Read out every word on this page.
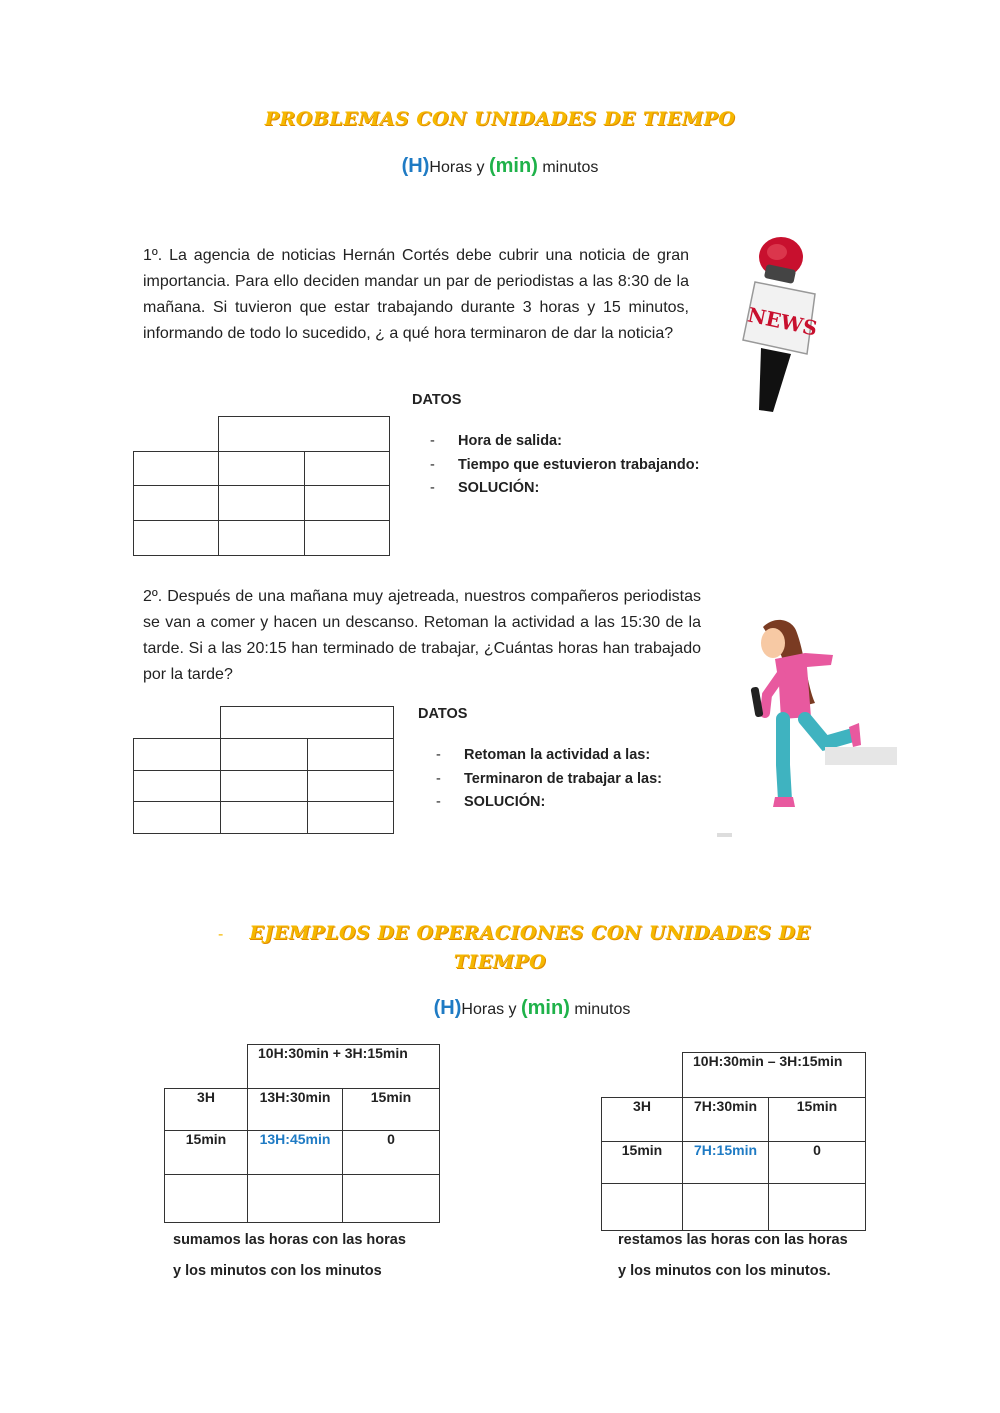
PROBLEMAS CON UNIDADES DE TIEMPO
(H)Horas y (min) minutos
1º. La agencia de noticias Hernán Cortés debe cubrir una noticia de gran importancia. Para ello deciden mandar un par de periodistas a las 8:30 de la mañana. Si tuvieron que estar trabajando durante 3 horas y 15 minutos, informando de todo lo sucedido, ¿ a qué hora terminaron de dar la noticia?	NEWS
DATOS
- Hora de salida:
- Tiempo que estuvieron trabajando:
- SOLUCIÓN:

2º. Después de una mañana muy ajetreada, nuestros compañeros periodistas se van a comer y hacen un descanso. Retoman la actividad a las 15:30 de la tarde. Si a las 20:15 han terminado de trabajar, ¿Cuántas horas han trabajado por la tarde?
DATOS
- Retoman la actividad a las:
- Terminaron de trabajar a las:
- SOLUCIÓN:

-	EJEMPLOS DE OPERACIONES CON UNIDADES DE
TIEMPO
(H)Horas y (min) minutos
	10H:30min + 3H:15min	
3H	13H:30min	15min
15min	13H:45min	0

sumamos las horas con las horas
y los minutos con los minutos
	10H:30min – 3H:15min	
3H	7H:30min	15min
15min	7H:15min	0

restamos las horas con las horas
y los minutos con los minutos.
